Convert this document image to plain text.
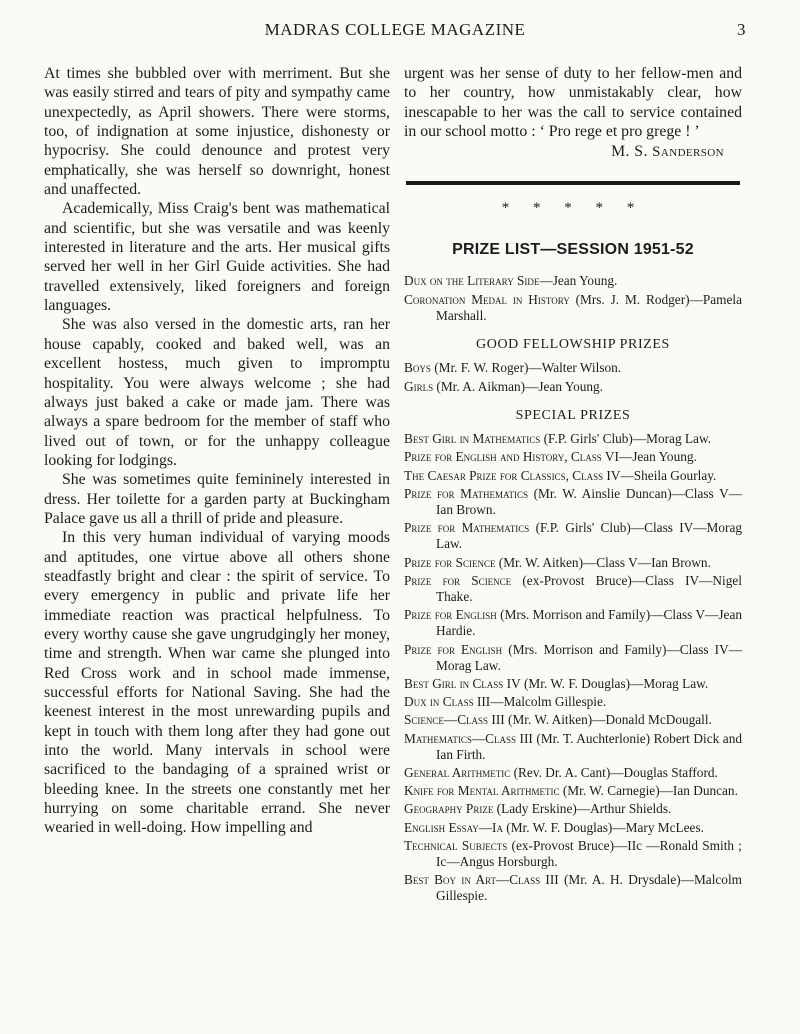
MADRAS COLLEGE MAGAZINE	3

At times she bubbled over with merriment. But she was easily stirred and tears of pity and sympathy came unexpectedly, as April showers. There were storms, too, of indignation at some injustice, dishonesty or hypocrisy. She could denounce and protest very emphatically, she was herself so downright, honest and unaffected.

Academically, Miss Craig's bent was mathematical and scientific, but she was versatile and was keenly interested in literature and the arts. Her musical gifts served her well in her Girl Guide activities. She had travelled extensively, liked foreigners and foreign languages.

She was also versed in the domestic arts, ran her house capably, cooked and baked well, was an excellent hostess, much given to impromptu hospitality. You were always welcome ; she had always just baked a cake or made jam. There was always a spare bedroom for the member of staff who lived out of town, or for the unhappy colleague looking for lodgings.

She was sometimes quite femininely interested in dress. Her toilette for a garden party at Buckingham Palace gave us all a thrill of pride and pleasure.

In this very human individual of varying moods and aptitudes, one virtue above all others shone steadfastly bright and clear : the spirit of service. To every emergency in public and private life her immediate reaction was practical helpfulness. To every worthy cause she gave ungrudgingly her money, time and strength. When war came she plunged into Red Cross work and in school made immense, successful efforts for National Saving. She had the keenest interest in the most unrewarding pupils and kept in touch with them long after they had gone out into the world. Many intervals in school were sacrificed to the bandaging of a sprained wrist or bleeding knee. In the streets one constantly met her hurrying on some charitable errand. She never wearied in well-doing. How impelling and

urgent was her sense of duty to her fellow-men and to her country, how unmistakably clear, how inescapable to her was the call to service contained in our school motto : ‘ Pro rege et pro grege ! ’

M. S. Sanderson
* * * * *
PRIZE LIST—SESSION 1951-52
Dux on the Literary Side—Jean Young.
Coronation Medal in History (Mrs. J. M. Rodger)—Pamela Marshall.
GOOD FELLOWSHIP PRIZES
Boys (Mr. F. W. Roger)—Walter Wilson.
Girls (Mr. A. Aikman)—Jean Young.
SPECIAL PRIZES
Best Girl in Mathematics (F.P. Girls' Club)—Morag Law.
Prize for English and History, Class VI—Jean Young.
The Caesar Prize for Classics, Class IV—Sheila Gourlay.
Prize for Mathematics (Mr. W. Ainslie Duncan)—Class V—Ian Brown.
Prize for Mathematics (F.P. Girls' Club)—Class IV—Morag Law.
Prize for Science (Mr. W. Aitken)—Class V—Ian Brown.
Prize for Science (ex-Provost Bruce)—Class IV—Nigel Thake.
Prize for English (Mrs. Morrison and Family)—Class V—Jean Hardie.
Prize for English (Mrs. Morrison and Family)—Class IV—Morag Law.
Best Girl in Class IV (Mr. W. F. Douglas)—Morag Law.
Dux in Class III—Malcolm Gillespie.
Science—Class III (Mr. W. Aitken)—Donald McDougall.
Mathematics—Class III (Mr. T. Auchterlonie) Robert Dick and Ian Firth.
General Arithmetic (Rev. Dr. A. Cant)—Douglas Stafford.
Knife for Mental Arithmetic (Mr. W. Carnegie)—Ian Duncan.
Geography Prize (Lady Erskine)—Arthur Shields.
English Essay—Ia (Mr. W. F. Douglas)—Mary McLees.
Technical Subjects (ex-Provost Bruce)—IIc —Ronald Smith ; Ic—Angus Horsburgh.
Best Boy in Art—Class III (Mr. A. H. Drysdale)—Malcolm Gillespie.
